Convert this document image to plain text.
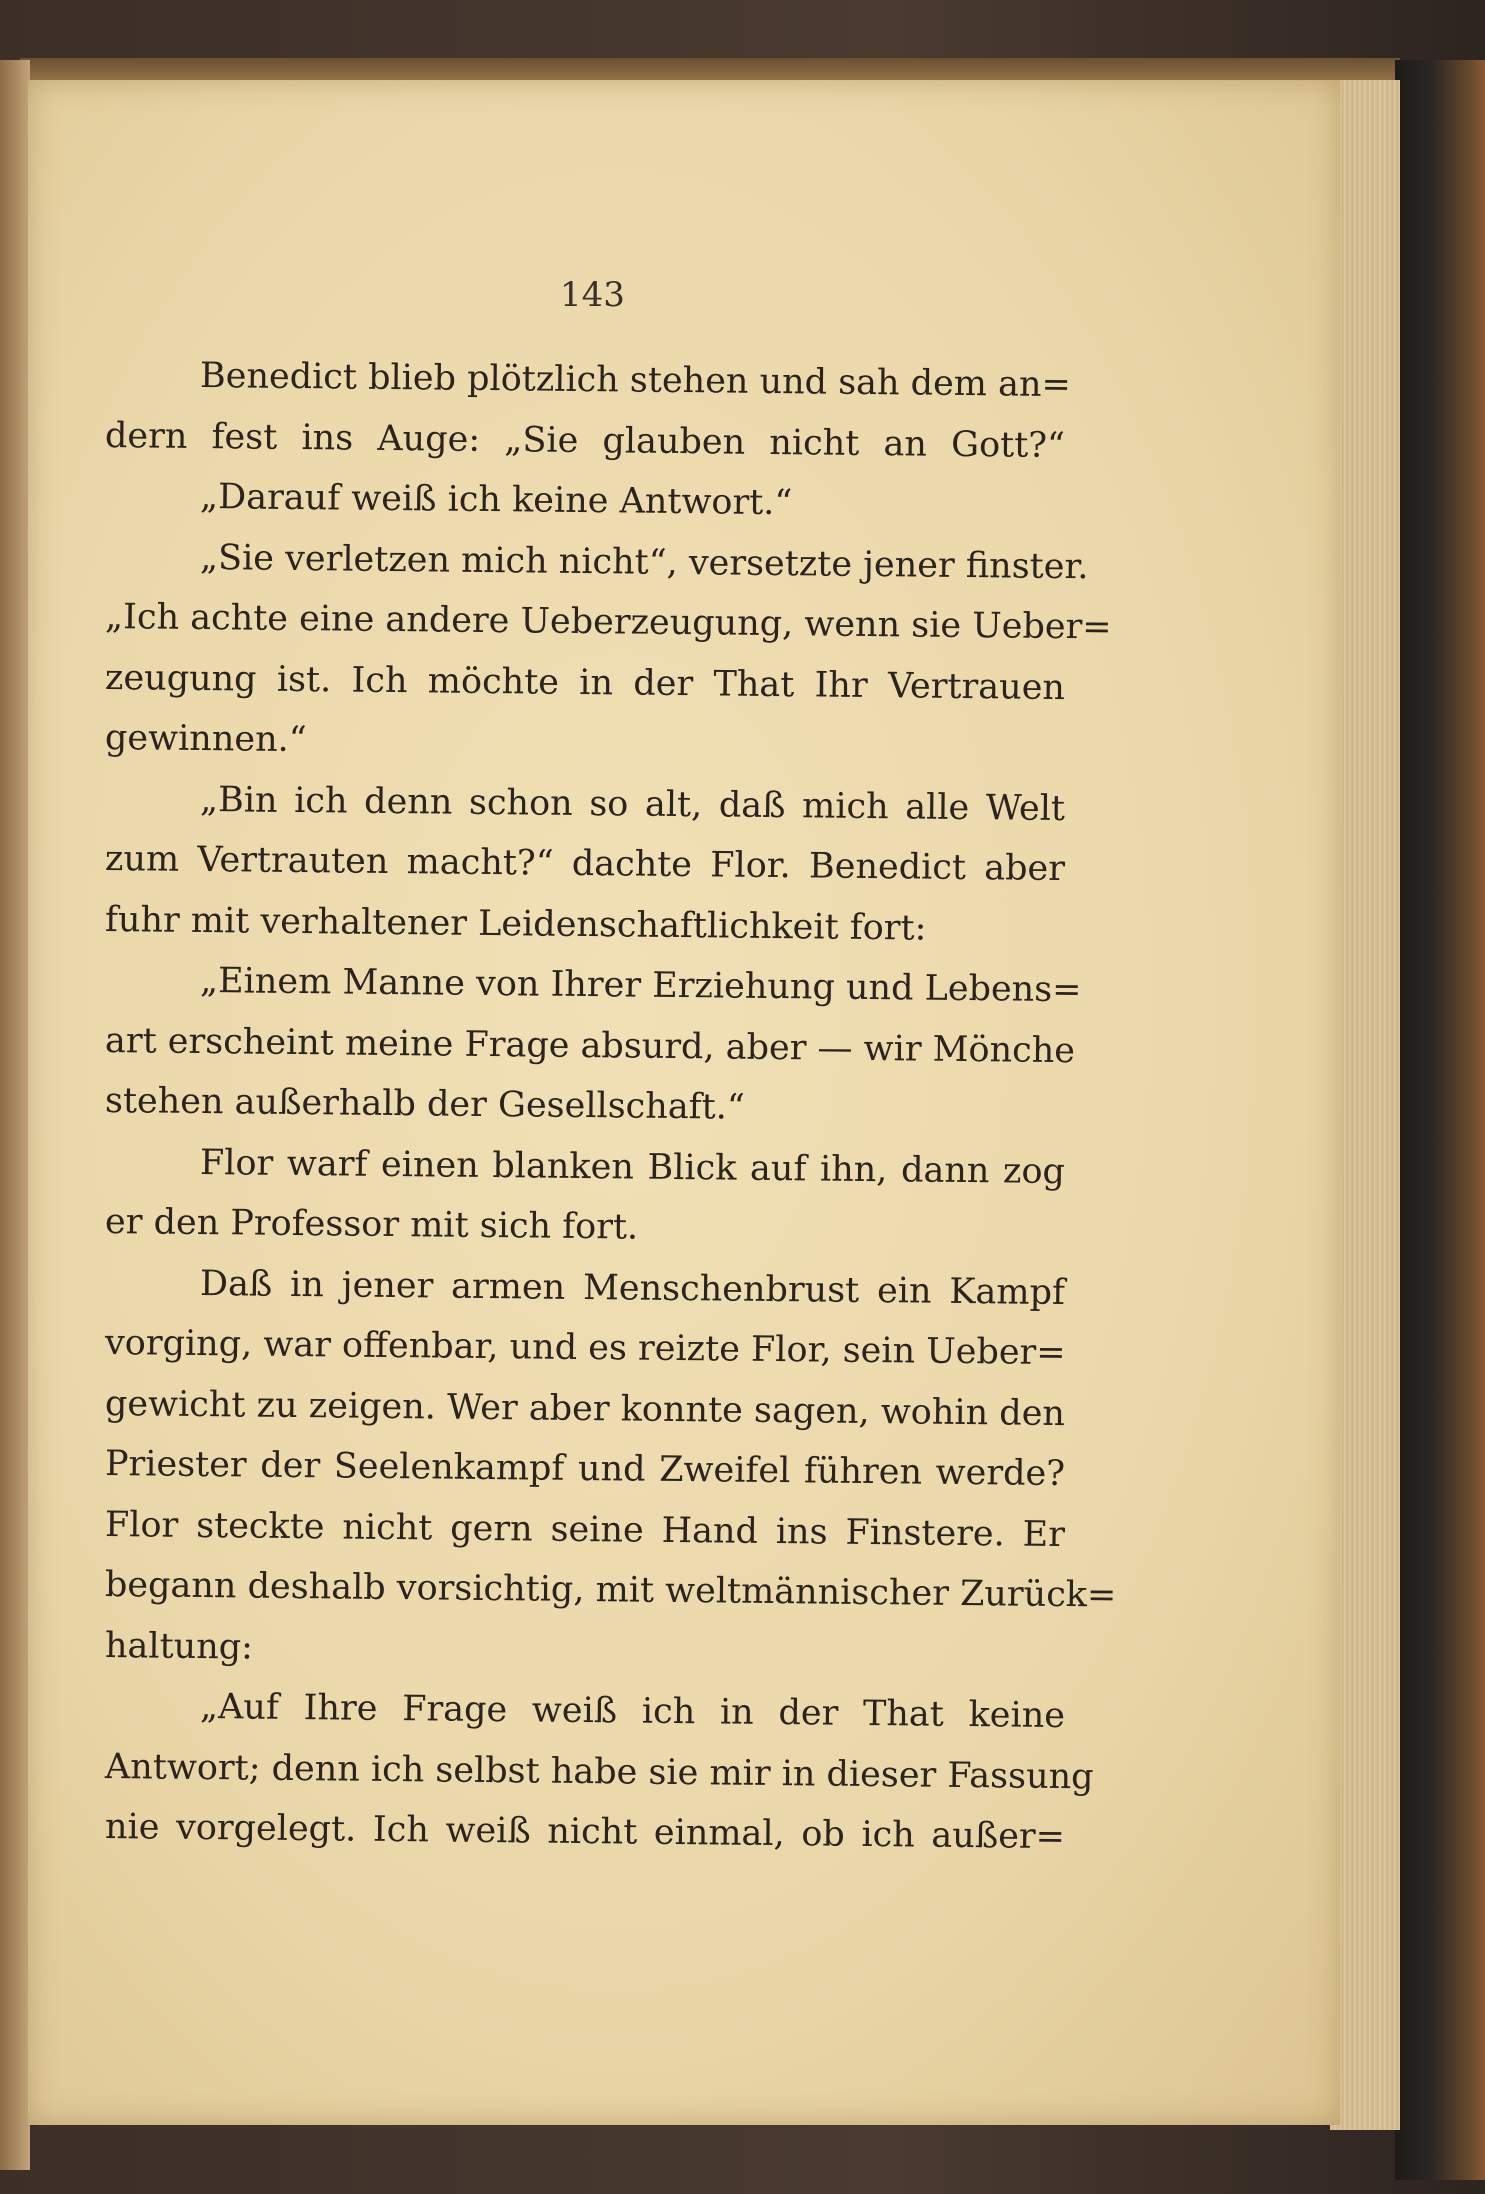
143
Benedict blieb plötzlich stehen und sah dem an=
dern fest ins Auge: „Sie glauben nicht an Gott?“
„Darauf weiß ich keine Antwort.“
„Sie verletzen mich nicht“, versetzte jener finster.
„Ich achte eine andere Ueberzeugung, wenn sie Ueber=
zeugung ist. Ich möchte in der That Ihr Vertrauen
gewinnen.“
„Bin ich denn schon so alt, daß mich alle Welt
zum Vertrauten macht?“ dachte Flor. Benedict aber
fuhr mit verhaltener Leidenschaftlichkeit fort:
„Einem Manne von Ihrer Erziehung und Lebens=
art erscheint meine Frage absurd, aber — wir Mönche
stehen außerhalb der Gesellschaft.“
Flor warf einen blanken Blick auf ihn, dann zog
er den Professor mit sich fort.
Daß in jener armen Menschenbrust ein Kampf
vorging, war offenbar, und es reizte Flor, sein Ueber=
gewicht zu zeigen. Wer aber konnte sagen, wohin den
Priester der Seelenkampf und Zweifel führen werde?
Flor steckte nicht gern seine Hand ins Finstere. Er
begann deshalb vorsichtig, mit weltmännischer Zurück=
haltung:
„Auf Ihre Frage weiß ich in der That keine
Antwort; denn ich selbst habe sie mir in dieser Fassung
nie vorgelegt. Ich weiß nicht einmal, ob ich außer=
